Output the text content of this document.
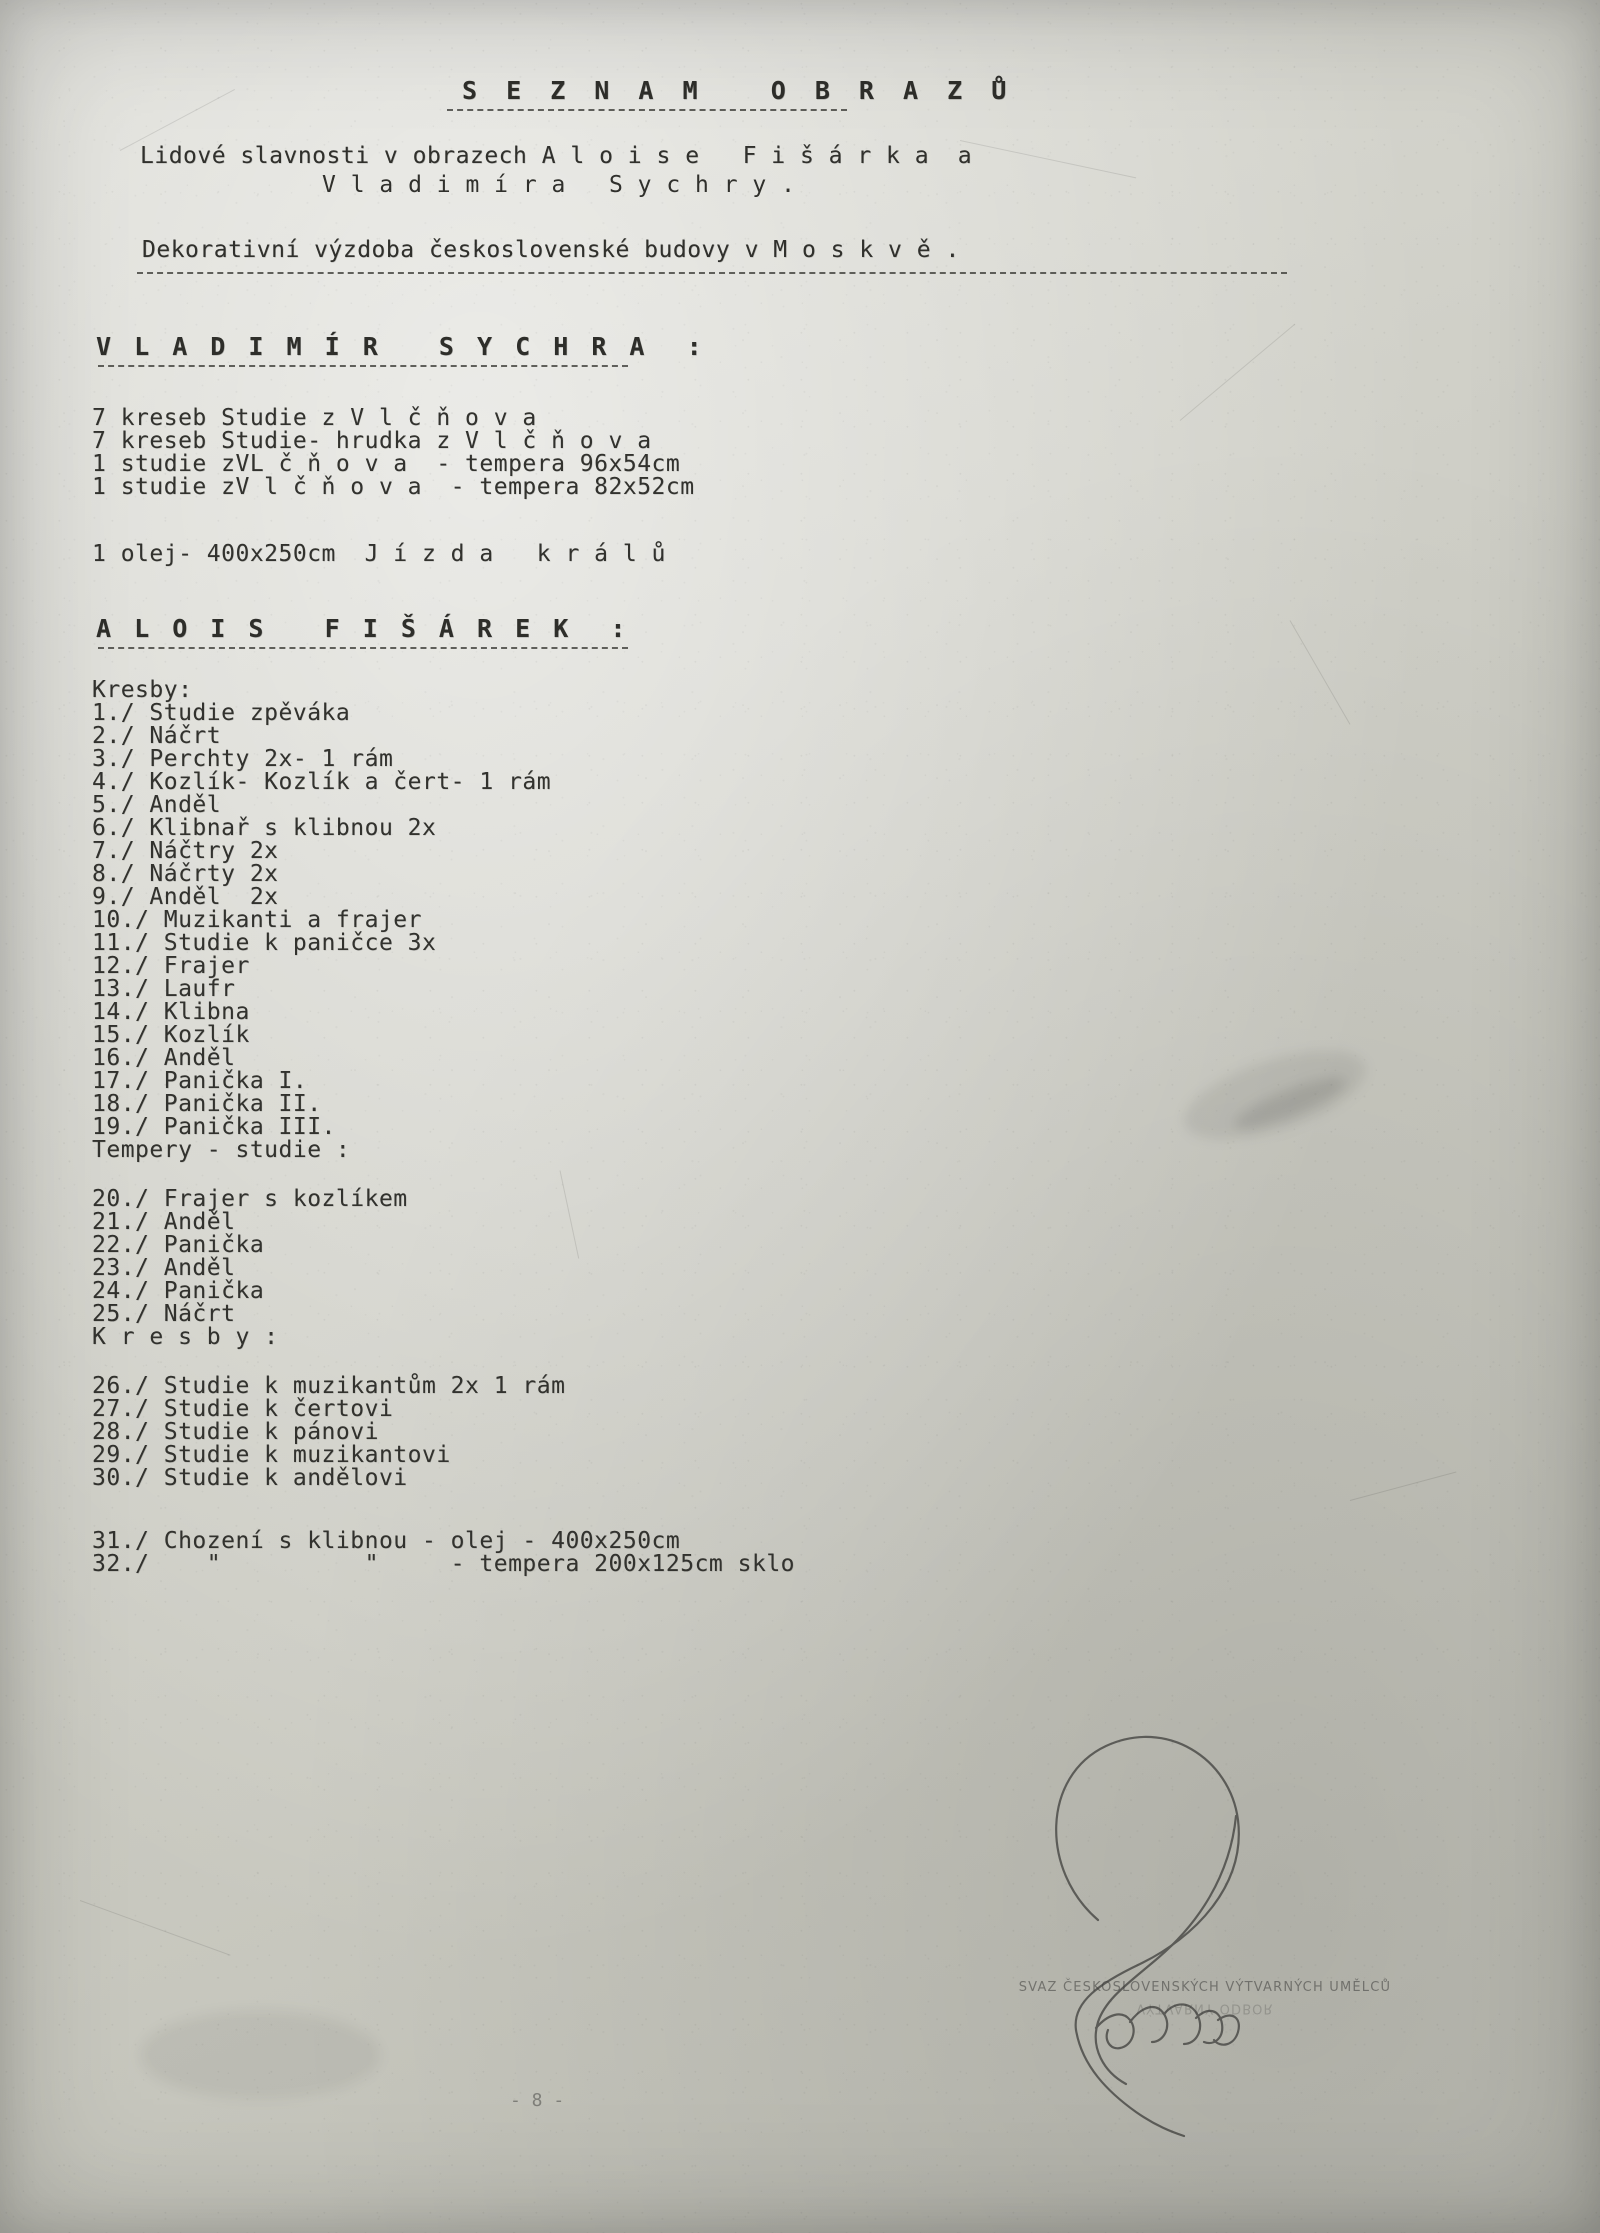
S E Z N A M   O B R A Z Ů
Lidové slavnosti v obrazech A l o i s e   F i š á r k a  a
V l a d i m í r a   S y c h r y .
Dekorativní výzdoba československé budovy v M o s k v ě .
V L A D I M Í R   S Y C H R A  :
7 kreseb Studie z V l č ň o v a
7 kreseb Studie- hrudka z V l č ň o v a
1 studie zVL č ň o v a  - tempera 96x54cm
1 studie zV l č ň o v a  - tempera 82x52cm
1 olej- 400x250cm  J í z d a   k r á l ů
A L O I S   F I Š Á R E K  :
Kresby:
1./ Studie zpěváka
2./ Náčrt
3./ Perchty 2x- 1 rám
4./ Kozlík- Kozlík a čert- 1 rám
5./ Anděl
6./ Klibnař s klibnou 2x
7./ Náčtry 2x
8./ Náčrty 2x
9./ Anděl  2x
10./ Muzikanti a frajer
11./ Studie k paničce 3x
12./ Frajer
13./ Laufr
14./ Klibna
15./ Kozlík
16./ Anděl
17./ Panička I.
18./ Panička II.
19./ Panička III.
Tempery - studie :
20./ Frajer s kozlíkem
21./ Anděl
22./ Panička
23./ Anděl
24./ Panička
25./ Náčrt
K r e s b y :
26./ Studie k muzikantům 2x 1 rám
27./ Studie k čertovi
28./ Studie k pánovi
29./ Studie k muzikantovi
30./ Studie k andělovi
31./ Chození s klibnou - olej - 400x250cm
32./    "          "     - tempera 200x125cm sklo
SVAZ ČESKOSLOVENSKÝCH VÝTVARNÝCH UMĚLCŮ
VÝTVARNÝ ODBOR
- 8 -
